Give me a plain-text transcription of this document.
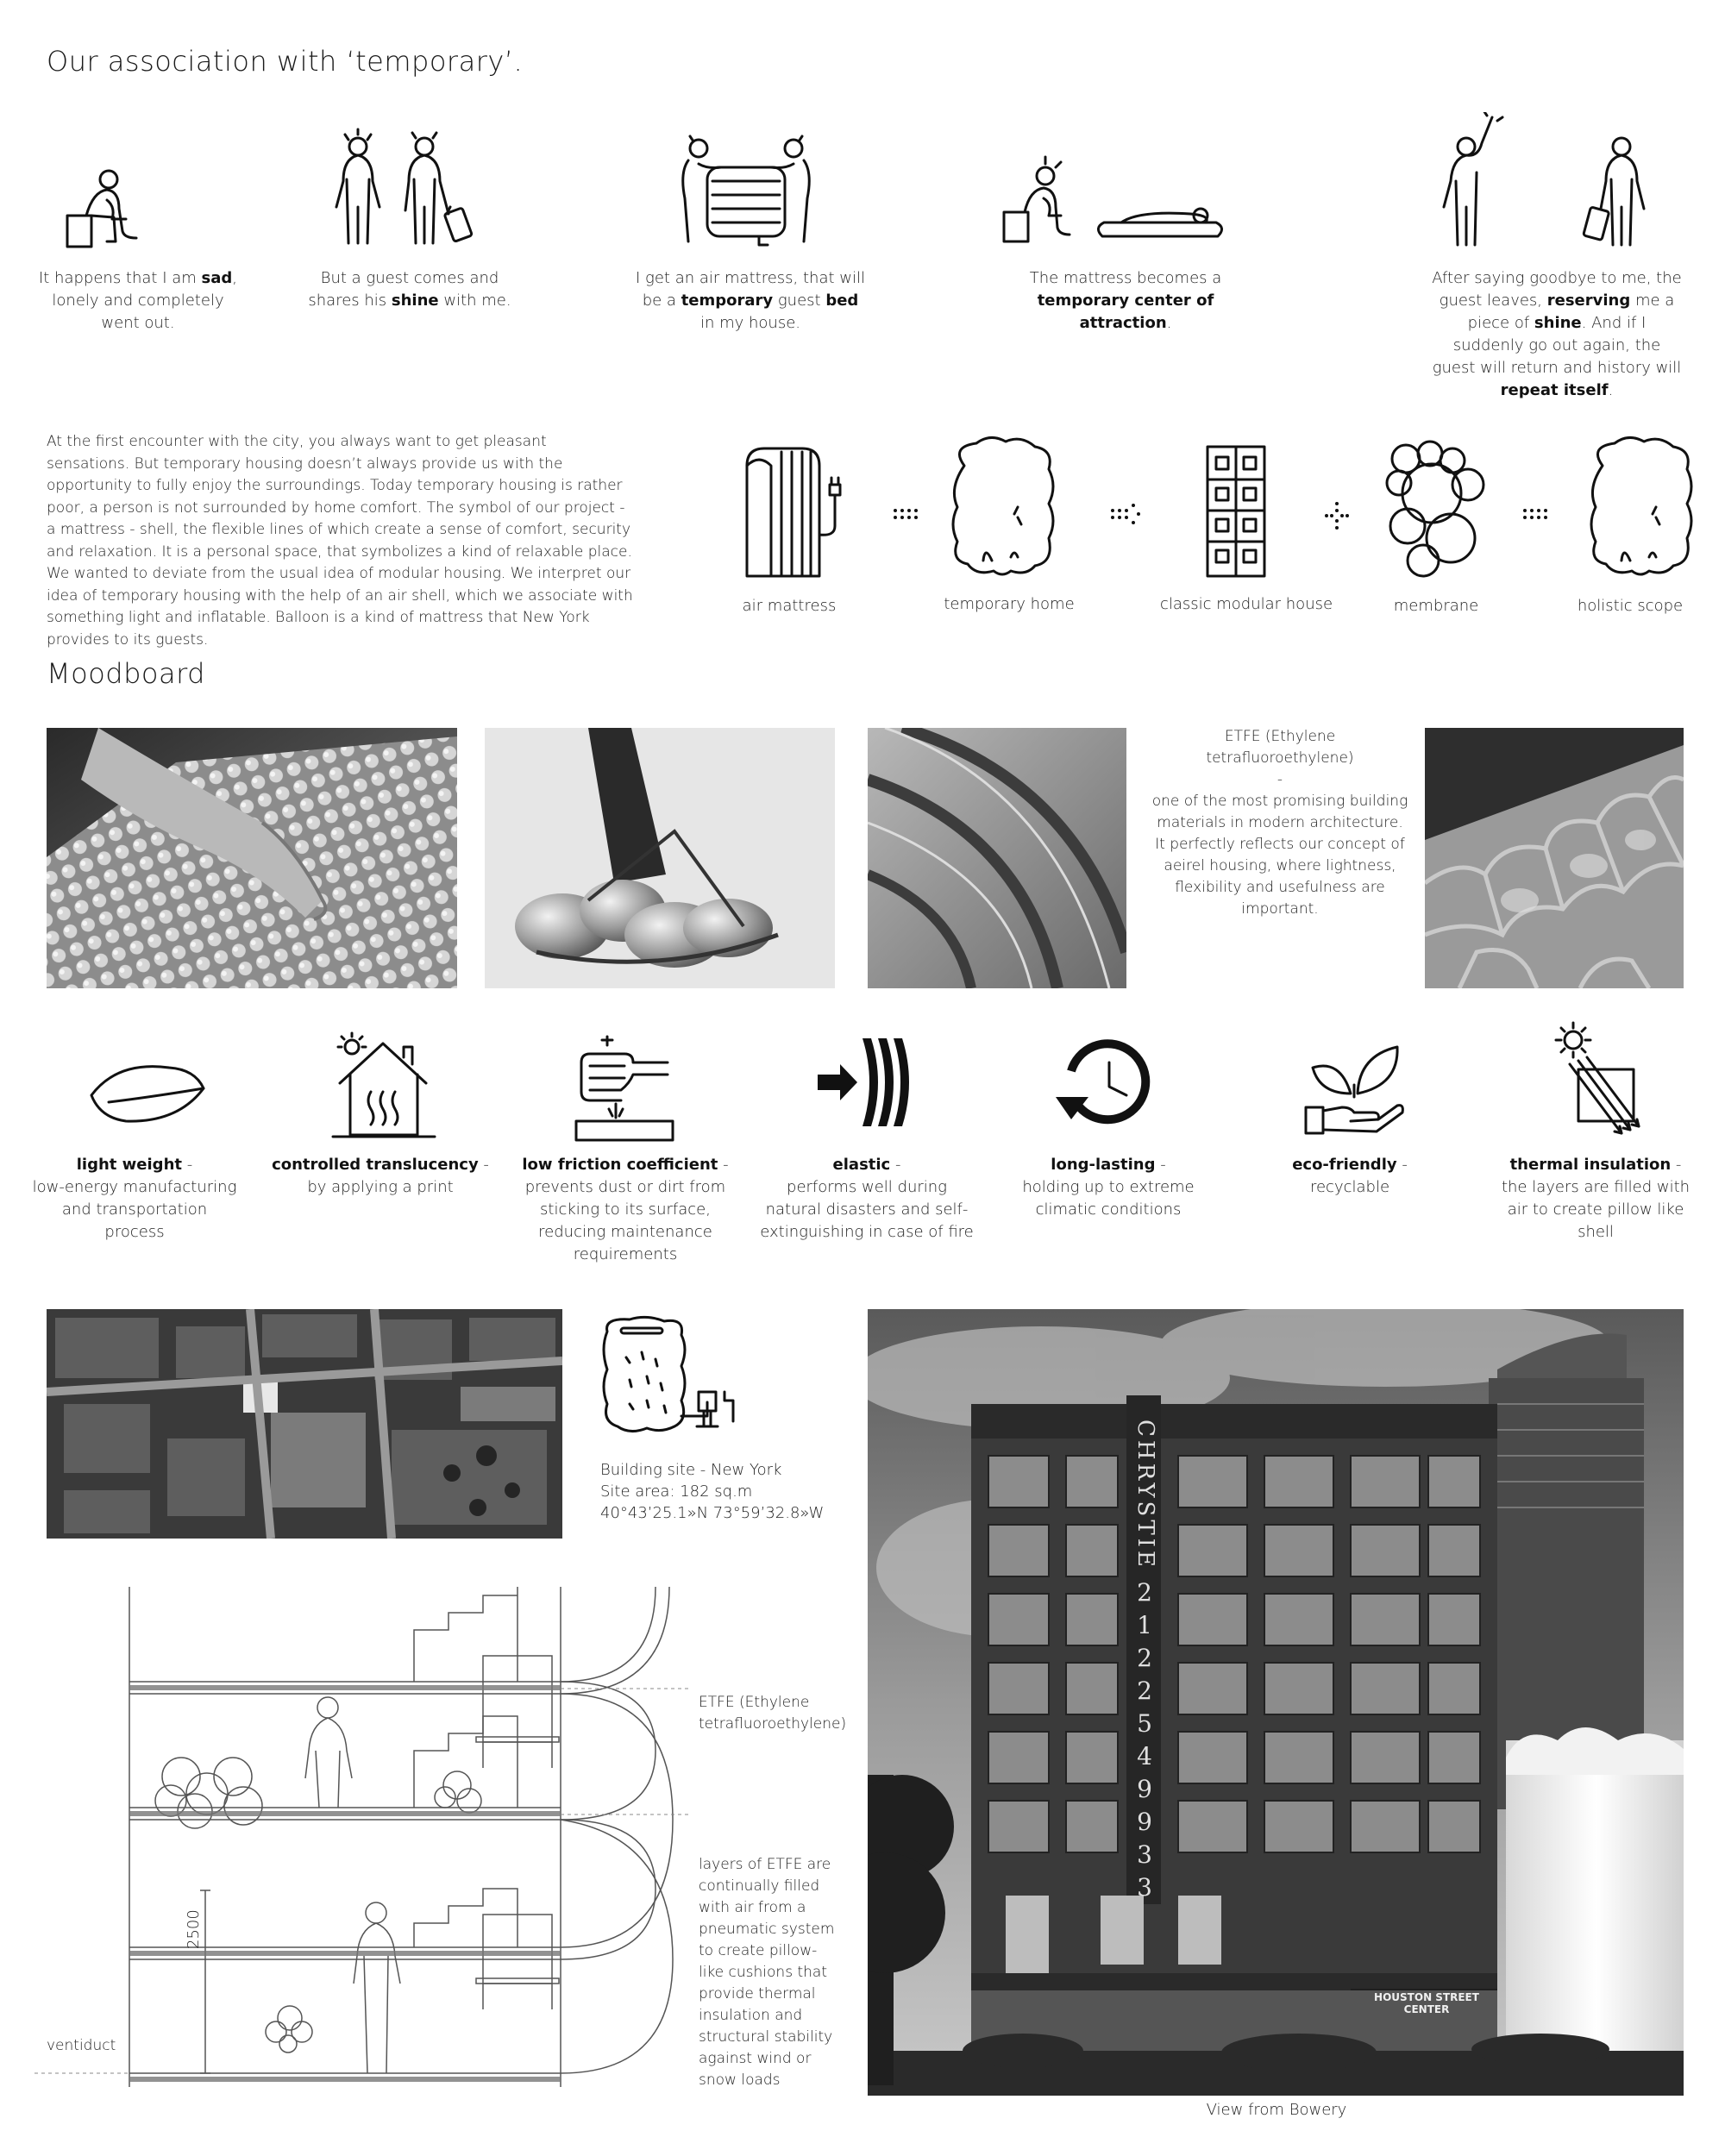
Our association with ‘temporary’.
It happens that I am sad, lonely and completely went out.
But a guest comes and shares his shine with me.
I get an air mattress, that will be a temporary guest bed in my house.
The mattress becomes a temporary center of attraction.
After saying goodbye to me, the guest leaves, reserving me a piece of shine. And if I suddenly go out again, the guest will return and history will repeat itself.

At the first encounter with the city, you always want to get pleasant sensations. But temporary housing doesn’t always provide us with the opportunity to fully enjoy the surroundings. Today temporary housing is rather poor, a person is not surrounded by home comfort. The symbol of our project - a mattress - shell, the flexible lines of which create a sense of comfort, security and relaxation. It is a personal space, that symbolizes a kind of relaxable place. We wanted to deviate from the usual idea of modular housing. We interpret our idea of temporary housing with the help of an air shell, which we associate with something light and inflatable. Balloon is a kind of mattress that New York provides to its guests.

air mattress	temporary home	classic modular house	membrane	holistic scope
Moodboard
ETFE (Ethylene tetrafluoroethylene)
-
one of the most promising building materials in modern architecture. It perfectly reflects our concept of aeirel housing, where lightness, flexibility and usefulness are important.
light weight -
low-energy manufacturing and transportation process
controlled translucency -
by applying a print
low friction coefficient -
prevents dust or dirt from sticking to its surface, reducing maintenance requirements
elastic -
performs well during natural disasters and self-extinguishing in case of fire
long-lasting -
holding up to extreme climatic conditions
eco-friendly -
recyclable
thermal insulation -
the layers are filled with air to create pillow like shell
Building site - New York
Site area: 182 sq.m
40°43’25.1»N 73°59’32.8»W
ETFE (Ethylene tetrafluoroethylene)
layers of ETFE are continually filled with air from a pneumatic system to create pillow-like cushions that provide thermal insulation and structural stability against wind or snow loads
2500
ventiduct
CHRYSTIE
2
1
2
2
5
4
9
9
3
3
HOUSTON STREET CENTER
View from Bowery
